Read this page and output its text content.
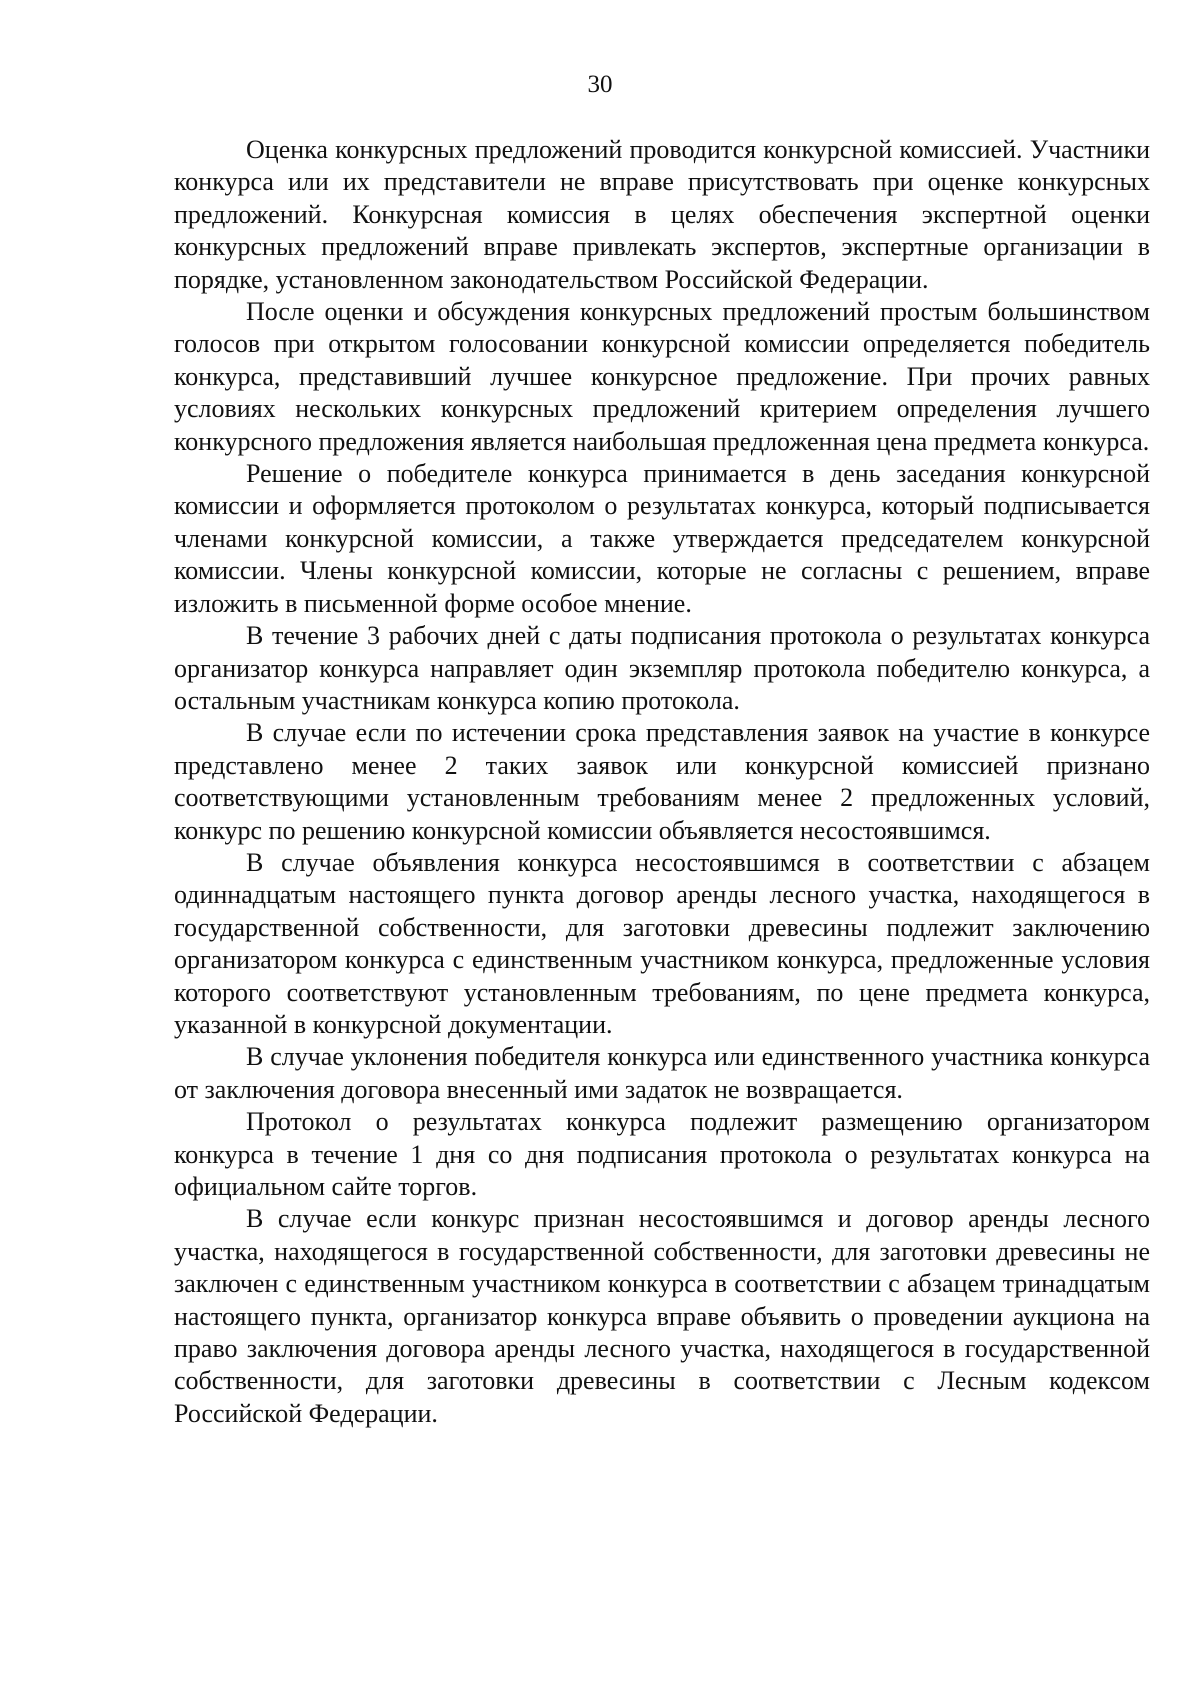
30

Оценка конкурсных предложений проводится конкурсной комиссией. Участники конкурса или их представители не вправе присутствовать при оценке конкурсных предложений. Конкурсная комиссия в целях обеспечения экспертной оценки конкурсных предложений вправе привлекать экспертов, экспертные организации в порядке, установленном законодательством Российской Федерации.

После оценки и обсуждения конкурсных предложений простым большинством голосов при открытом голосовании конкурсной комиссии определяется победитель конкурса, представивший лучшее конкурсное предложение. При прочих равных условиях нескольких конкурсных предложений критерием определения лучшего конкурсного предложения является наибольшая предложенная цена предмета конкурса.

Решение о победителе конкурса принимается в день заседания конкурсной комиссии и оформляется протоколом о результатах конкурса, который подписывается членами конкурсной комиссии, а также утверждается председателем конкурсной комиссии. Члены конкурсной комиссии, которые не согласны с решением, вправе изложить в письменной форме особое мнение.

В течение 3 рабочих дней с даты подписания протокола о результатах конкурса организатор конкурса направляет один экземпляр протокола победителю конкурса, а остальным участникам конкурса копию протокола.

В случае если по истечении срока представления заявок на участие в конкурсе представлено менее 2 таких заявок или конкурсной комиссией признано соответствующими установленным требованиям менее 2 предложенных условий, конкурс по решению конкурсной комиссии объявляется несостоявшимся.

В случае объявления конкурса несостоявшимся в соответствии с абзацем одиннадцатым настоящего пункта договор аренды лесного участка, находящегося в государственной собственности, для заготовки древесины подлежит заключению организатором конкурса с единственным участником конкурса, предложенные условия которого соответствуют установленным требованиям, по цене предмета конкурса, указанной в конкурсной документации.

В случае уклонения победителя конкурса или единственного участника конкурса от заключения договора внесенный ими задаток не возвращается.

Протокол о результатах конкурса подлежит размещению организатором конкурса в течение 1 дня со дня подписания протокола о результатах конкурса на официальном сайте торгов.

В случае если конкурс признан несостоявшимся и договор аренды лесного участка, находящегося в государственной собственности, для заготовки древесины не заключен с единственным участником конкурса в соответствии с абзацем тринадцатым настоящего пункта, организатор конкурса вправе объявить о проведении аукциона на право заключения договора аренды лесного участка, находящегося в государственной собственности, для заготовки древесины в соответствии с Лесным кодексом Российской Федерации.
